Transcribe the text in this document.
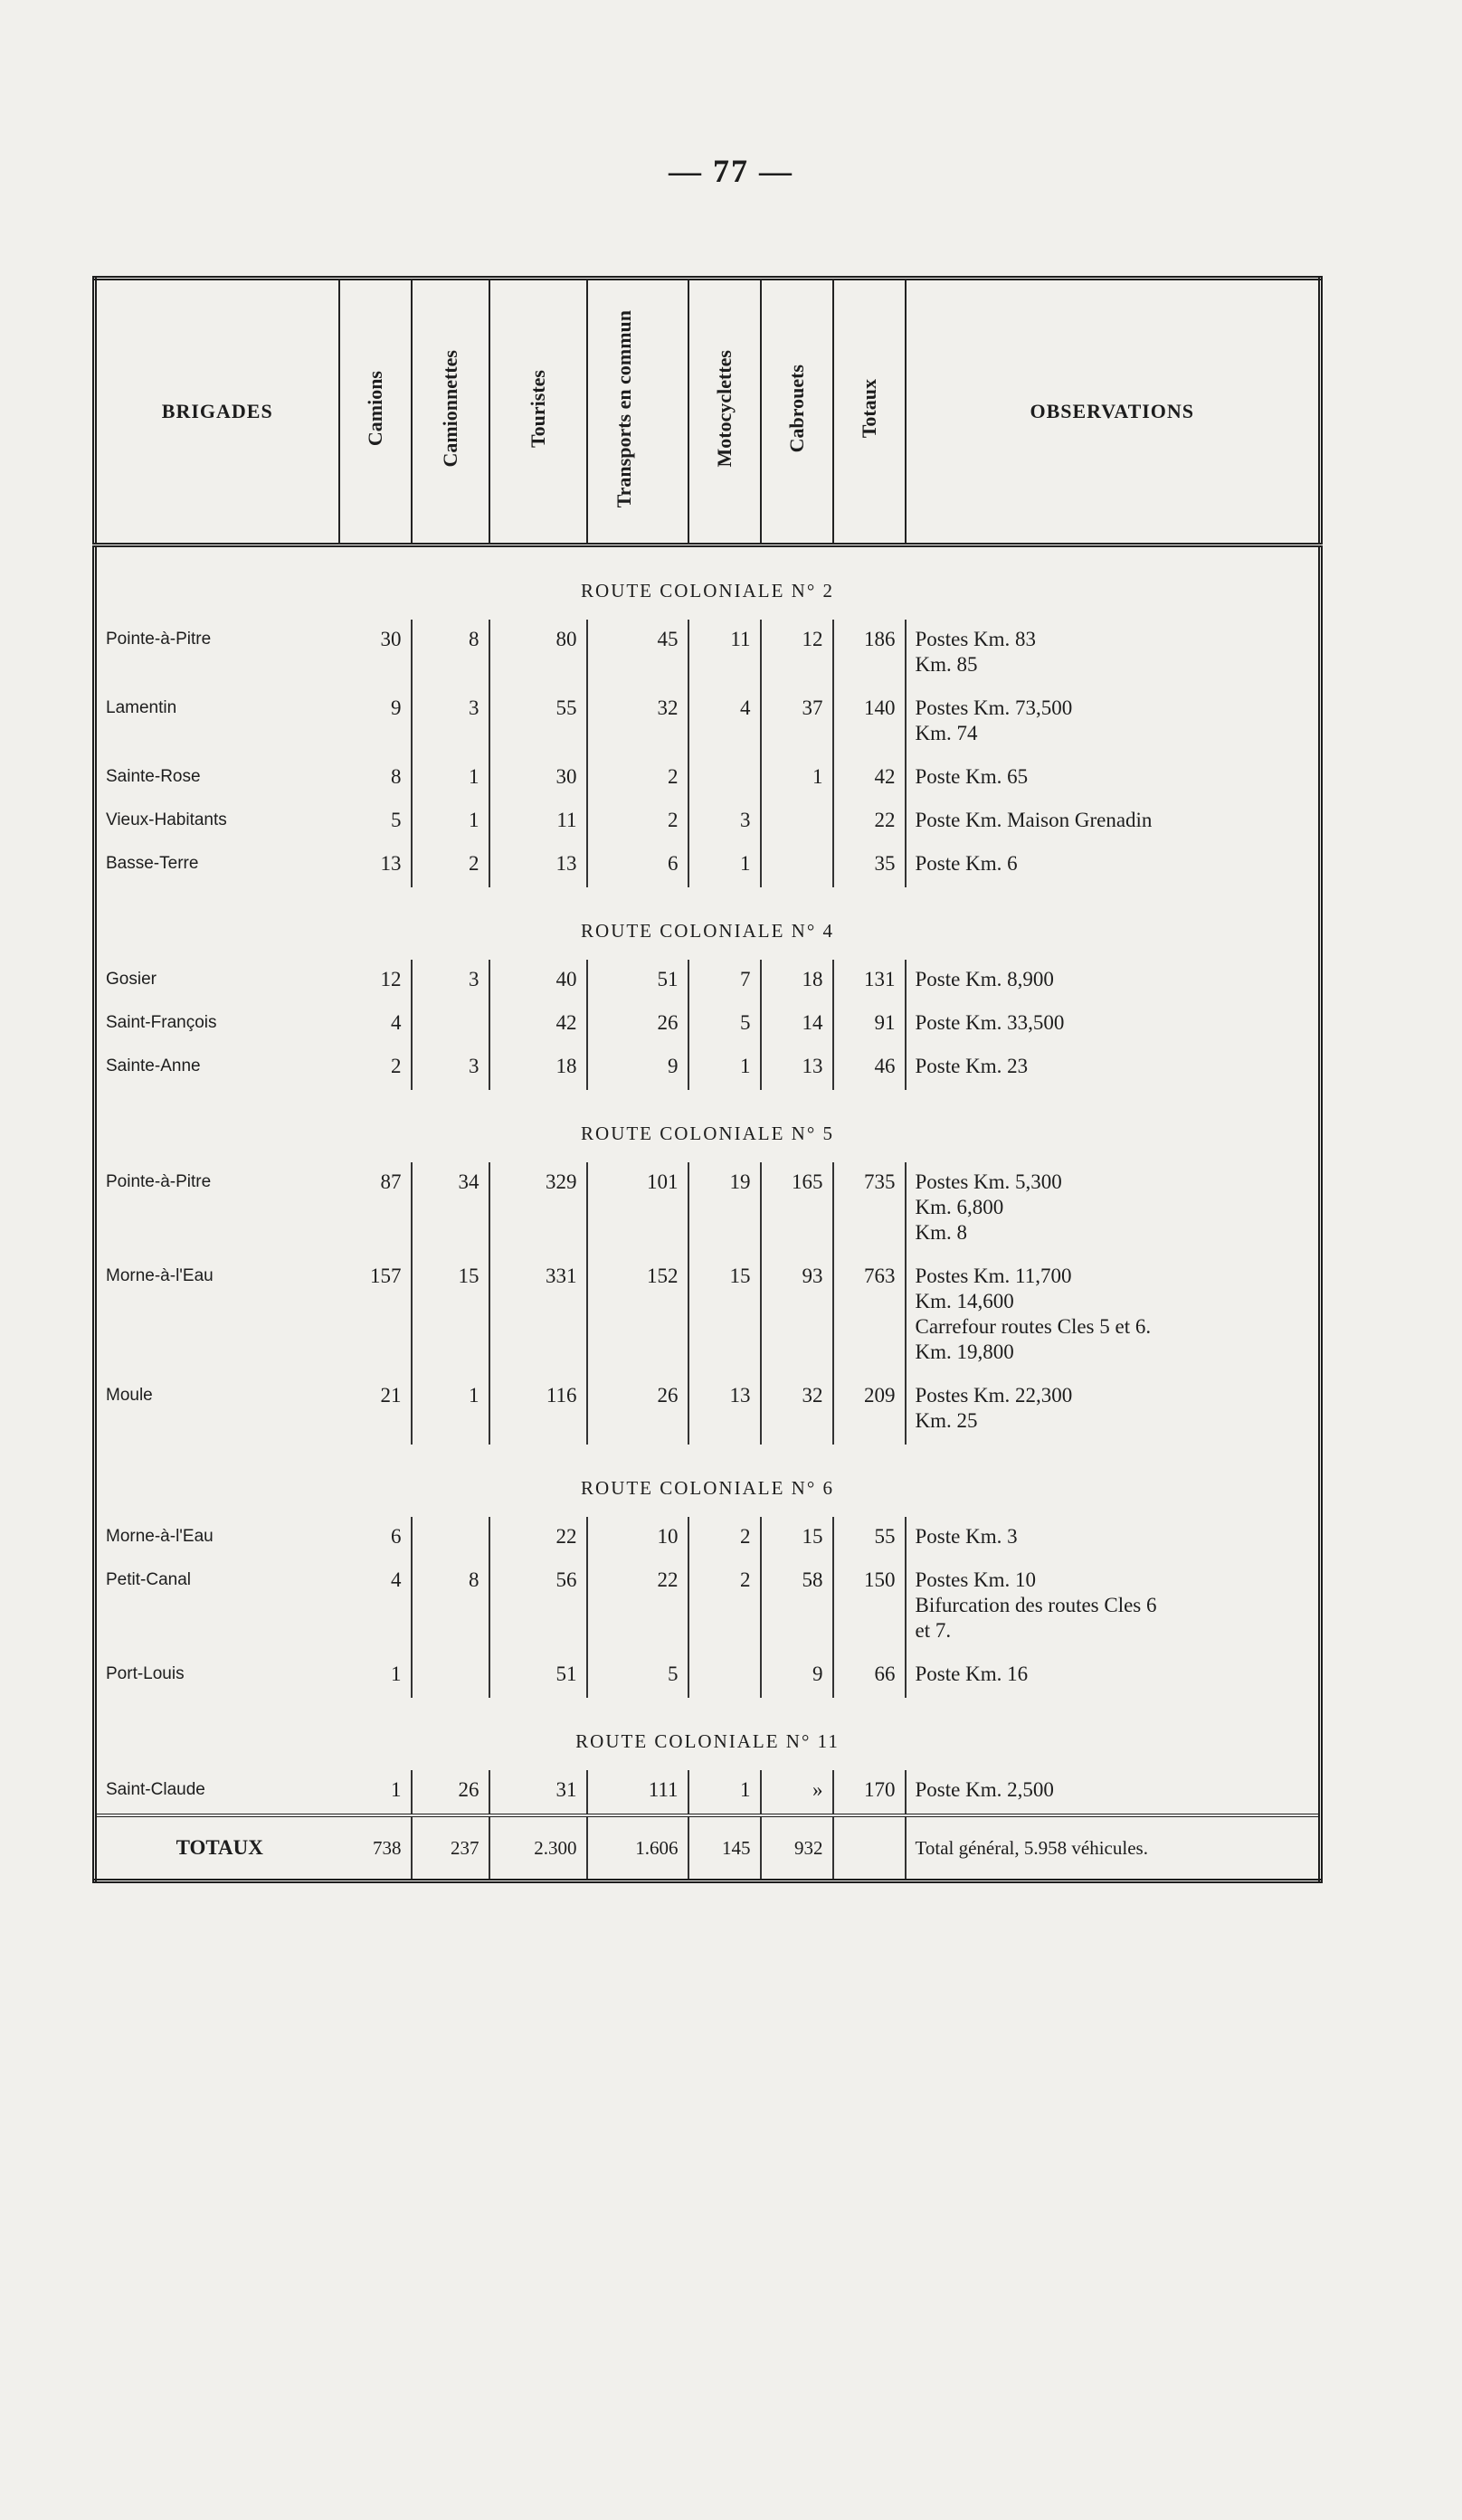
— 77 —
BRIGADES	Camions	Camionnettes	Touristes	Transports en commun	Motocyclettes	Cabrouets	Totaux	OBSERVATIONS
ROUTE COLONIALE N° 2								
Pointe-à-Pitre	30	8	80	45	11	12	186	Postes Km. 83
Km. 85

Lamentin	9	3	55	32	4	37	140	Postes Km. 73,500
Km. 74

Sainte-Rose	8	1	30	2		1	42	Poste Km. 65

Vieux-Habitants	5	1	11	2	3		22	Poste Km. Maison Grenadin

Basse-Terre	13	2	13	6	1		35	Poste Km. 6

ROUTE COLONIALE N° 4								
Gosier	12	3	40	51	7	18	131	Poste Km. 8,900

Saint-François	4		42	26	5	14	91	Poste Km. 33,500

Sainte-Anne	2	3	18	9	1	13	46	Poste Km. 23

ROUTE COLONIALE N° 5								
Pointe-à-Pitre	87	34	329	101	19	165	735	Postes Km. 5,300
Km. 6,800
Km. 8

Morne-à-l'Eau	157	15	331	152	15	93	763	Postes Km. 11,700
Km. 14,600
Carrefour routes Cles 5 et 6.
Km. 19,800

Moule	21	1	116	26	13	32	209	Postes Km. 22,300
Km. 25

ROUTE COLONIALE N° 6								
Morne-à-l'Eau	6		22	10	2	15	55	Poste Km. 3

Petit-Canal	4	8	56	22	2	58	150	Postes Km. 10
Bifurcation des routes Cles 6
et 7.

Port-Louis	1		51	5		9	66	Poste Km. 16

ROUTE COLONIALE N° 11								
Saint-Claude	1	26	31	111	1	»	170	Poste Km. 2,500

TOTAUX	738	237	2.300	1.606	145	932		Total général, 5.958 véhicules.
